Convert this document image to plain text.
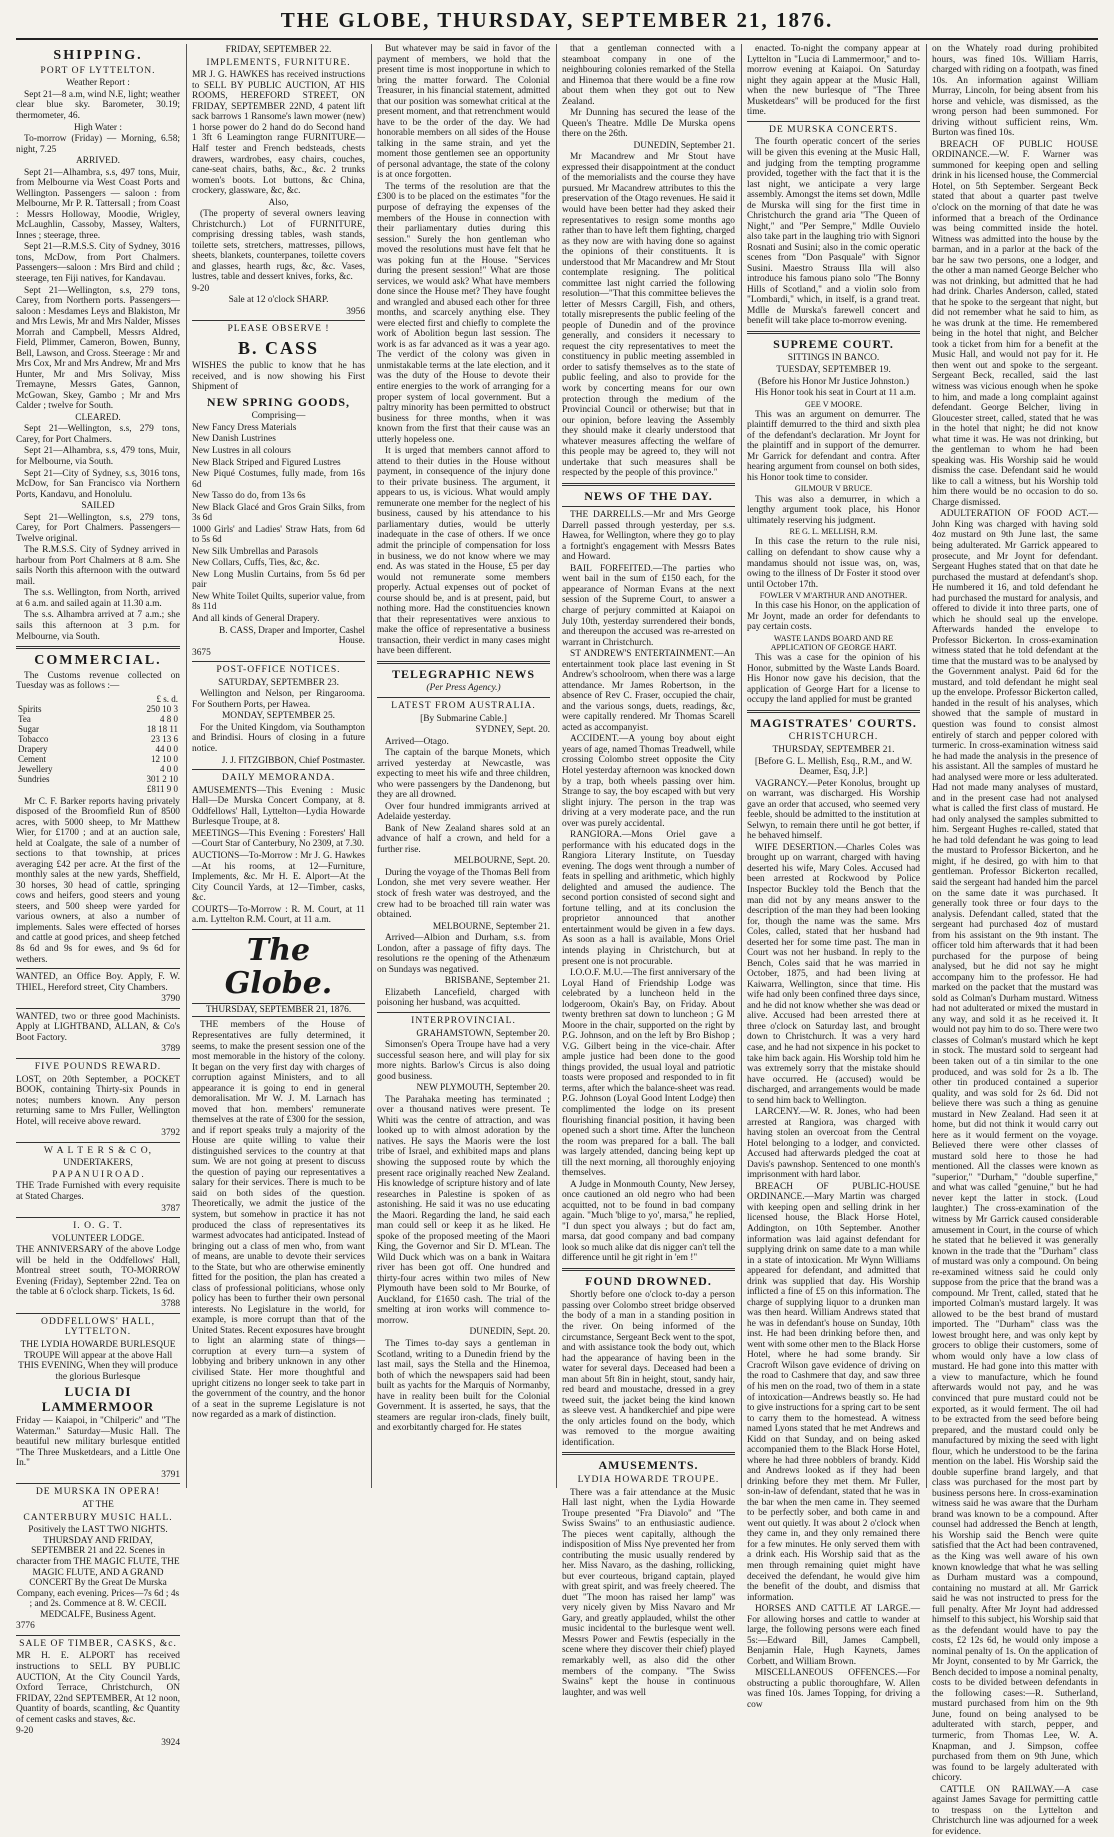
THE GLOBE, THURSDAY, SEPTEMBER 21, 1876.
SHIPPING.
PORT OF LYTTELTON.
Weather Report :
Sept 21—8 a.m, wind N.E, light; weather clear blue sky. Barometer, 30.19; thermometer, 46.
High Water :
To-morrow (Friday) — Morning, 6.58; night, 7.25
ARRIVED.
Sept 21—Alhambra, s.s, 497 tons, Muir, from Melbourne via West Coast Ports and Wellington. Passengers — saloon : from Melbourne, Mr P. R. Tattersall ; from Coast : Messrs Holloway, Moodie, Wrigley, McLaughlin, Cassoby, Massey, Walters, Innes ; steerage, three.
Sept 21—R.M.S.S. City of Sydney, 3016 tons, McDow, from Port Chalmers. Passengers—saloon : Mrs Bird and child ; steerage, ten Fiji natives, for Kandavau.
Sept 21—Wellington, s.s, 279 tons, Carey, from Northern ports. Passengers—saloon : Mesdames Leys and Blakiston, Mr and Mrs Lewis, Mr and Mrs Nalder, Misses Morrah and Campbell, Messrs Aldred, Field, Plimmer, Cameron, Bowen, Bunny, Bell, Lawson, and Cross. Steerage : Mr and Mrs Cox, Mr and Mrs Andrew, Mr and Mrs Hunter, Mr and Mrs Solivay, Miss Tremayne, Messrs Gates, Gannon, McGowan, Skey, Gambo ; Mr and Mrs Calder ; twelve for South.
CLEARED.
Sept 21—Wellington, s.s, 279 tons, Carey, for Port Chalmers.
Sept 21—Alhambra, s.s, 479 tons, Muir, for Melbourne, via South.
Sept 21—City of Sydney, s.s, 3016 tons, McDow, for San Francisco via Northern Ports, Kandavu, and Honolulu.
SAILED
Sept 21—Wellington, s.s, 279 tons, Carey, for Port Chalmers. Passengers—Twelve original.
The R.M.S.S. City of Sydney arrived in harbour from Port Chalmers at 8 a.m. She sails North this afternoon with the outward mail.
The s.s. Wellington, from North, arrived at 6 a.m. and sailed again at 11.30 a.m.
The s.s. Alhambra arrived at 7 a.m.; she sails this afternoon at 3 p.m. for Melbourne, via South.
COMMERCIAL.
The Customs revenue collected on Tuesday was as follows :—
	£ s. d.
Spirits	250 10 3
Tea	4 8 0
Sugar	18 18 11
Tobacco	23 13 6
Drapery	44 0 0
Cement	12 10 0
Jewellery	4 0 0
Sundries	301 2 10
	£811 9 0
Mr C. F. Barker reports having privately disposed of the Broomfield Run of 8500 acres, with 5000 sheep, to Mr Matthew Wier, for £1700 ; and at an auction sale, held at Coalgate, the sale of a number of sections to that township, at prices averaging £42 per acre. At the first of the monthly sales at the new yards, Sheffield, 30 horses, 30 head of cattle, springing cows and heifers, good steers and young steers, and 500 sheep were yarded for various owners, at also a number of implements. Sales were effected of horses and cattle at good prices, and sheep fetched 8s 6d and 9s for ewes, and 9s 6d for wethers.
WANTED, an Office Boy. Apply, F. W. THIEL, Hereford street, City Chambers.
3790
WANTED, two or three good Machinists. Apply at LIGHTBAND, ALLAN, & Co's Boot Factory.
3789
FIVE POUNDS REWARD.
LOST, on 20th September, a POCKET BOOK, containing Thirty-six Pounds in notes; numbers known. Any person returning same to Mrs Fuller, Wellington Hotel, will receive above reward.
3792
W A L T E R S & C O,
UNDERTAKERS,
P A P A N U I R O A D .
THE Trade Furnished with every requisite at Stated Charges.
3787
I. O. G. T.
VOLUNTEER LODGE.
THE ANNIVERSARY of the above Lodge will be held in the Oddfellows' Hall, Montreal street south, TO-MORROW Evening (Friday), September 22nd. Tea on the table at 6 o'clock sharp. Tickets, 1s 6d.
3788
ODDFELLOWS' HALL, LYTTELTON.
THE LYDIA HOWARDE BURLESQUE TROUPE Will appear at the above Hall THIS EVENING, When they will produce the glorious Burlesque
LUCIA DI LAMMERMOOR
Friday — Kaiapoi, in "Chilperic" and "The Waterman." Saturday—Music Hall. The beautiful new military burlesque entitled "The Three Musketdears, and a Little One In."
3791
DE MURSKA IN OPERA!
AT THE
CANTERBURY MUSIC HALL.
Positively the LAST TWO NIGHTS. THURSDAY AND FRIDAY, SEPTEMBER 21 and 22. Scenes in character from THE MAGIC FLUTE, THE MAGIC FLUTE, AND A GRAND CONCERT By the Great De Murska Company, each evening. Prices—7s 6d ; 4s ; and 2s. Commence at 8. W. CECIL MEDCALFE, Business Agent.
3776
SALE OF TIMBER, CASKS, &c.
MR H. E. ALPORT has received instructions to SELL BY PUBLIC AUCTION, At the City Council Yards, Oxford Terrace, Christchurch, ON FRIDAY, 22nd SEPTEMBER, At 12 noon, Quantity of boards, scantling, &c Quantity of cement casks and staves, &c.
9-20
3924
FRIDAY, SEPTEMBER 22.
IMPLEMENTS, FURNITURE.
MR J. G. HAWKES has received instructions to SELL BY PUBLIC AUCTION, AT HIS ROOMS, HEREFORD STREET, ON FRIDAY, SEPTEMBER 22ND, 4 patent lift sack barrows 1 Ransome's lawn mower (new) 1 horse power do 2 hand do do Second hand 1 3ft 6 Leamington range FURNITURE—Half tester and French bedsteads, chests drawers, wardrobes, easy chairs, couches, cane-seat chairs, baths, &c., &c. 2 trunks women's boots. Lot buttons, &c China, crockery, glassware, &c, &c.
Also,
(The property of several owners leaving Christchurch.) Lot of FURNITURE, comprising dressing tables, wash stands, toilette sets, stretchers, mattresses, pillows, sheets, blankets, counterpanes, toilette covers and glasses, hearth rugs, &c, &c. Vases, lustres, table and dessert knives, forks, &c.
9-20
Sale at 12 o'clock SHARP.
3956
PLEASE OBSERVE !
B. CASS
WISHES the public to know that he has received, and is now showing his First Shipment of
NEW SPRING GOODS,
Comprising—
New Fancy Dress Materials
New Danish Lustrines
New Lustres in all colours
New Black Striped and Figured Lustres
New Piqué Costumes, fully made, from 16s 6d
New Tasso do do, from 13s 6s
New Black Glacé and Gros Grain Silks, from 3s 6d
1000 Girls' and Ladies' Straw Hats, from 6d to 5s 6d
New Silk Umbrellas and Parasols
New Collars, Cuffs, Ties, &c, &c.
New Long Muslin Curtains, from 5s 6d per pair
New White Toilet Quilts, superior value, from 8s 11d
And all kinds of General Drapery.
B. CASS, Draper and Importer, Cashel House.
3675
POST-OFFICE NOTICES.
SATURDAY, SEPTEMBER 23.
Wellington and Nelson, per Ringarooma. For Southern Ports, per Hawea.
MONDAY, SEPTEMBER 25.
For the United Kingdom, via Southampton and Brindisi. Hours of closing in a future notice.
J. J. FITZGIBBON, Chief Postmaster.
DAILY MEMORANDA.
AMUSEMENTS—This Evening : Music Hall—De Murska Concert Company, at 8. Oddfellows' Hall, Lyttelton—Lydia Howarde Burlesque Troupe, at 8.
MEETINGS—This Evening : Foresters' Hall—Court Star of Canterbury, No 2309, at 7.30.
AUCTIONS—To-Morrow : Mr J. G. Hawkes—At his rooms, at 12—Furniture, Implements, &c. Mr H. E. Alport—At the City Council Yards, at 12—Timber, casks, &c.
COURTS—To-Morrow : R. M. Court, at 11 a.m. Lyttelton R.M. Court, at 11 a.m.
The Globe.
THURSDAY, SEPTEMBER 21, 1876.
THE members of the House of Representatives are fully determined, it seems, to make the present session one of the most memorable in the history of the colony. It began on the very first day with charges of corruption against Ministers, and to all appearance it is going to end in general demoralisation. Mr W. J. M. Larnach has moved that hon. members' remunerate themselves at the rate of £300 for the session, and if report speaks truly a majority of the House are quite willing to value their distinguished services to the country at that sum. We are not going at present to discuss the question of paying our representatives a salary for their services. There is much to be said on both sides of the question. Theoretically, we admit the justice of the system, but somehow in practice it has not produced the class of representatives its warmest advocates had anticipated. Instead of bringing out a class of men who, from want of means, are unable to devote their services to the State, but who are otherwise eminently fitted for the position, the plan has created a class of professional politicians, whose only policy has been to further their own personal interests. No Legislature in the world, for example, is more corrupt than that of the United States. Recent exposures have brought to light an alarming state of things—corruption at every turn—a system of lobbying and bribery unknown in any other civilised State. Her more thoughtful and upright citizens no longer seek to take part in the government of the country, and the honor of a seat in the supreme Legislature is not now regarded as a mark of distinction.
But whatever may be said in favor of the payment of members, we hold that the present time is most inopportune in which to bring the matter forward. The Colonial Treasurer, in his financial statement, admitted that our position was somewhat critical at the present moment, and that retrenchment would have to be the order of the day. We had honorable members on all sides of the House talking in the same strain, and yet the moment those gentlemen see an opportunity of personal advantage, the state of the colony is at once forgotten.
The terms of the resolution are that the £300 is to be placed on the estimates "for the purpose of defraying the expenses of the members of the House in connection with their parliamentary duties during this session." Surely the hon gentleman who moved the resolutions must have felt that he was poking fun at the House. "Services during the present session!" What are those services, we would ask? What have members done since the House met? They have fought and wrangled and abused each other for three months, and scarcely anything else. They were elected first and chiefly to complete the work of Abolition begun last session. The work is as far advanced as it was a year ago. The verdict of the colony was given in unmistakable terms at the late election, and it was the duty of the House to devote their entire energies to the work of arranging for a proper system of local government. But a paltry minority has been permitted to obstruct business for three months, when it was known from the first that their cause was an utterly hopeless one.
It is urged that members cannot afford to attend to their duties in the House without payment, in consequence of the injury done to their private business. The argument, it appears to us, is vicious. What would amply remunerate one member for the neglect of his business, caused by his attendance to his parliamentary duties, would be utterly inadequate in the case of others. If we once admit the principle of compensation for loss in business, we do not know where we may end. As was stated in the House, £5 per day would not remunerate some members properly. Actual expenses out of pocket of course should be, and is at present, paid, but nothing more. Had the constituencies known that their representatives were anxious to make the office of representative a business transaction, their verdict in many cases might have been different.
TELEGRAPHIC NEWS
(Per Press Agency.)
LATEST FROM AUSTRALIA.
[By Submarine Cable.]
SYDNEY, Sept. 20.
Arrived—Otago.
The captain of the barque Monets, which arrived yesterday at Newcastle, was expecting to meet his wife and three children, who were passengers by the Dandenong, but they are all drowned.
Over four hundred immigrants arrived at Adelaide yesterday.
Bank of New Zealand shares sold at an advance of half a crown, and held for a further rise.
MELBOURNE, Sept. 20.
During the voyage of the Thomas Bell from London, she met very severe weather. Her stock of fresh water was destroyed, and the crew had to be broached till rain water was obtained.
MELBOURNE, September 21.
Arrived—Albion and Durham, s.s. from London, after a passage of fifty days. The resolutions re the opening of the Athenæum on Sundays was negatived.
BRISBANE, September 21.
Elizabeth Lancefield, charged with poisoning her husband, was acquitted.
INTERPROVINCIAL.
GRAHAMSTOWN, September 20.
Simonsen's Opera Troupe have had a very successful season here, and will play for six more nights. Barlow's Circus is also doing good business.
NEW PLYMOUTH, September 20.
The Parahaka meeting has terminated ; over a thousand natives were present. Te Whiti was the centre of attraction, and was looked up to with almost adoration by the natives. He says the Maoris were the lost tribe of Israel, and exhibited maps and plans showing the supposed route by which the present race originally reached New Zealand. His knowledge of scripture history and of late researches in Palestine is spoken of as astonishing. He said it was no use educating the Maori. Regarding the land, he said each man could sell or keep it as he liked. He spoke of the proposed meeting of the Maori King, the Governor and Sir D. M'Lean. The Wild Duck which was on a bank in Waitara river has been got off. One hundred and thirty-four acres within two miles of New Plymouth have been sold to Mr Bourke, of Auckland, for £1650 cash. The trial of the smelting at iron works will commence to-morrow.
DUNEDIN, Sept. 20.
The Times to-day says a gentleman in Scotland, writing to a Dunedin friend by the last mail, says the Stella and the Hinemoa, both of which the newspapers said had been built as yachts for the Marquis of Normanby, have in reality been built for the Colonial Government. It is asserted, he says, that the steamers are regular iron-clads, finely built, and exorbitantly charged for. He states
that a gentleman connected with a steamboat company in one of the neighbouring colonies remarked of the Stella and Hinemoa that there would be a fine row about them when they got out to New Zealand.
Mr Dunning has secured the lease of the Queen's Theatre. Mdlle De Murska opens there on the 26th.
DUNEDIN, September 21.
Mr Macandrew and Mr Stout have expressed their disappointment at the conduct of the memorialists and the course they have pursued. Mr Macandrew attributes to this the preservation of the Otago revenues. He said it would have been better had they asked their representatives to resign some months ago rather than to have left them fighting, charged as they now are with having done so against the opinions of their constituents. It is understood that Mr Macandrew and Mr Stout contemplate resigning. The political committee last night carried the following resolution—"That this committee believes the letter of Messrs Cargill, Fish, and others, totally misrepresents the public feeling of the people of Dunedin and of the province generally, and considers it necessary to request the city representatives to meet the constituency in public meeting assembled in order to satisfy themselves as to the state of public feeling, and also to provide for the work by concerting means for our own protection through the medium of the Provincial Council or otherwise; but that in our opinion, before leaving the Assembly they should make it clearly understood that whatever measures affecting the welfare of this people may be agreed to, they will not undertake that such measures shall be respected by the people of this province."
NEWS OF THE DAY.
THE DARRELLS.—Mr and Mrs George Darrell passed through yesterday, per s.s. Hawea, for Wellington, where they go to play a fortnight's engagement with Messrs Bates and Howard.
BAIL FORFEITED.—The parties who went bail in the sum of £150 each, for the appearance of Norman Evans at the next session of the Supreme Court, to answer a charge of perjury committed at Kaiapoi on July 10th, yesterday surrendered their bonds, and thereupon the accused was re-arrested on warrant in Christchurch.
ST ANDREW'S ENTERTAINMENT.—An entertainment took place last evening in St Andrew's schoolroom, when there was a large attendance. Mr James Robertson, in the absence of Rev C. Fraser, occupied the chair, and the various songs, duets, readings, &c, were capitally rendered. Mr Thomas Scarell acted as accompanyist.
ACCIDENT.—A young boy about eight years of age, named Thomas Treadwell, while crossing Colombo street opposite the City Hotel yesterday afternoon was knocked down by a trap, both wheels passing over him. Strange to say, the boy escaped with but very slight injury. The person in the trap was driving at a very moderate pace, and the run over was purely accidental.
RANGIORA.—Mons Oriel gave a performance with his educated dogs in the Rangiora Literary Institute, on Tuesday evening. The dogs went through a number of feats in spelling and arithmetic, which highly delighted and amused the audience. The second portion consisted of second sight and fortune telling, and at its conclusion the proprietor announced that another entertainment would be given in a few days. As soon as a hall is available, Mons Oriel intends playing in Christchurch, but at present one is not procurable.
I.O.O.F. M.U.—The first anniversary of the Loyal Hand of Friendship Lodge was celebrated by a luncheon held in the lodgeroom, Okain's Bay, on Friday. About twenty brethren sat down to luncheon ; G M Moore in the chair, supported on the right by P.G. Johnson, and on the left by Bro Bishop ; V.G. Gilbert being in the vice-chair. After ample justice had been done to the good things provided, the usual loyal and patriotic toasts were proposed and responded to in fit terms, after which the balance-sheet was read. P.G. Johnson (Loyal Good Intent Lodge) then complimented the lodge on its present flourishing financial position, it having been opened such a short time. After the luncheon the room was prepared for a ball. The ball was largely attended, dancing being kept up till the next morning, all thoroughly enjoying themselves.
A Judge in Monmouth County, New Jersey, once cautioned an old negro who had been acquitted, not to be found in bad company again. "Much 'blige to yo', marsa," he replied, "I dun spect you always ; but do fact am, marsa, dat good company and bad company look so much alike dat dis nigger can't tell the difference until he git right in 'em !"
FOUND DROWNED.
Shortly before one o'clock to-day a person passing over Colombo street bridge observed the body of a man in a standing position in the river. On being informed of the circumstance, Sergeant Beck went to the spot, and with assistance took the body out, which had the appearance of having been in the water for several days. Deceased had been a man about 5ft 8in in height, stout, sandy hair, red beard and moustache, dressed in a grey tweed suit, the jacket being the kind known as sleeve vest. A handkerchief and pipe were the only articles found on the body, which was removed to the morgue awaiting identification.
AMUSEMENTS.
LYDIA HOWARDE TROUPE.
There was a fair attendance at the Music Hall last night, when the Lydia Howarde Troupe presented "Fra Diavolo" and "The Swiss Swains" to an enthusiastic audience. The pieces went capitally, although the indisposition of Miss Nye prevented her from contributing the music usually rendered by her. Miss Navaro, as the dashing, rollicking, but ever courteous, brigand captain, played with great spirit, and was freely cheered. The duet "The moon has raised her lamp" was very nicely given by Miss Navaro and Mr Gary, and greatly applauded, whilst the other music incidental to the burlesque went well. Messrs Power and Fewtis (especially in the scene where they discover their chief) played remarkably well, as also did the other members of the company. "The Swiss Swains" kept the house in continuous laughter, and was well
enacted. To-night the company appear at Lyttelton in "Lucia di Lammermoor," and to-morrow evening at Kaiapoi. On Saturday night they again appear at the Music Hall, when the new burlesque of "The Three Musketdears" will be produced for the first time.
DE MURSKA CONCERTS.
The fourth operatic concert of the series will be given this evening at the Music Hall, and judging from the tempting programme provided, together with the fact that it is the last night, we anticipate a very large assembly. Amongst the items set down, Mdlle de Murska will sing for the first time in Christchurch the grand aria "The Queen of Night," and "Per Sempre," Mdlle Ouvielo also take part in the laughing trio with Signori Rosnati and Susini; also in the comic operatic scenes from "Don Pasquale" with Signor Susini. Maestro Strauss Illa will also introduce his famous piano solo "The Bonny Hills of Scotland," and a violin solo from "Lombardi," which, in itself, is a grand treat. Mdlle de Murska's farewell concert and benefit will take place to-morrow evening.
SUPREME COURT.
SITTINGS IN BANCO.
TUESDAY, SEPTEMBER 19.
(Before his Honor Mr Justice Johnston.)
His Honor took his seat in Court at 11 a.m.
GEE V MOORE.
This was an argument on demurrer. The plaintiff demurred to the third and sixth plea of the defendant's declaration. Mr Joynt for the plaintiff and in support of the demurrer. Mr Garrick for defendant and contra. After hearing argument from counsel on both sides, his Honor took time to consider.
GILMOUR V BRUCE.
This was also a demurrer, in which a lengthy argument took place, his Honor ultimately reserving his judgment.
RE G. L. MELLISH, R.M.
In this case the return to the rule nisi, calling on defendant to show cause why a mandamus should not issue was, on, was, owing to the illness of Dr Foster it stood over until October 17th.
FOWLER V M'ARTHUR AND ANOTHER.
In this case his Honor, on the application of Mr Joynt, made an order for defendants to pay certain costs.
WASTE LANDS BOARD AND RE APPLICATION OF GEORGE HART.
This was a case for the opinion of his Honor, submitted by the Waste Lands Board. His Honor now gave his decision, that the application of George Hart for a license to occupy the land applied for must be granted
MAGISTRATES' COURTS.
CHRISTCHURCH.
THURSDAY, SEPTEMBER 21.
[Before G. L. Mellish, Esq., R.M., and W. Deamer, Esq, J.P.]
VAGRANCY.—Peter Konolus, brought up on warrant, was discharged. His Worship gave an order that accused, who seemed very feeble, should be admitted to the institution at Selwyn, to remain there until he got better, if he behaved himself.
WIFE DESERTION.—Charles Coles was brought up on warrant, charged with having deserted his wife, Mary Coles. Accused had been arrested at Rockwood by Police Inspector Buckley told the Bench that the man did not by any means answer to the description of the man they had been looking for, though the name was the same. Mrs Coles, called, stated that her husband had deserted her for some time past. The man in Court was not her husband. In reply to the Bench, Coles said that he was married in October, 1875, and had been living at Kaiwarra, Wellington, since that time. His wife had only been confined three days since, and he did not know whether she was dead or alive. Accused had been arrested there at three o'clock on Saturday last, and brought down to Christchurch. It was a very hard case, and he had not sixpence in his pocket to take him back again. His Worship told him he was extremely sorry that the mistake should have occurred. He (accused) would be discharged, and arrangements would be made to send him back to Wellington.
LARCENY.—W. R. Jones, who had been arrested at Rangiora, was charged with having stolen an overcoat from the Central Hotel belonging to a lodger, and convicted. Accused had afterwards pledged the coat at Davis's pawnshop. Sentenced to one month's imprisonment with hard labor.
BREACH OF PUBLIC-HOUSE ORDINANCE.—Mary Martin was charged with keeping open and selling drink in her licensed house, the Black Horse Hotel, Addington, on 10th September. Another information was laid against defendant for supplying drink on same date to a man while in a state of intoxication. Mr Wynn Williams appeared for defendant, and admitted that drink was supplied that day. His Worship inflicted a fine of £5 on this information. The charge of supplying liquor to a drunken man was then heard. William Andrews stated that he was in defendant's house on Sunday, 10th inst. He had been drinking before then, and went with some other men to the Black Horse Hotel, where he had some brandy. Sir Cracroft Wilson gave evidence of driving on the road to Cashmere that day, and saw three of his men on the road, two of them in a state of intoxication—Andrews beastly so. He had to give instructions for a spring cart to be sent to carry them to the homestead. A witness named Lyons stated that he met Andrews and Kidd on that Sunday, and on being asked accompanied them to the Black Horse Hotel, where he had three nobblers of brandy. Kidd and Andrews looked as if they had been drinking before they met them. Mr Fuller, son-in-law of defendant, stated that he was in the bar when the men came in. They seemed to be perfectly sober, and both came in and went out quietly. It was about 2 o'clock when they came in, and they only remained there for a few minutes. He only served them with a drink each. His Worship said that as the men through remaining quiet might have deceived the defendant, he would give him the benefit of the doubt, and dismiss that information.
HORSES AND CATTLE AT LARGE.—For allowing horses and cattle to wander at large, the following persons were each fined 5s:—Edward Bill, James Campbell, Benjamin Hale, Hugh Kaynets, James Corbett, and William Brown.
MISCELLANEOUS OFFENCES.—For obstructing a public thoroughfare, W. Allen was fined 10s. James Topping, for driving a cow
on the Whately road during prohibited hours, was fined 10s. William Harris, charged with riding on a footpath, was fined 10s. An information against William Murray, Lincoln, for being absent from his horse and vehicle, was dismissed, as the wrong person had been summoned. For driving without sufficient reins, Wm. Burton was fined 10s.
BREACH OF PUBLIC HOUSE ORDINANCE.—W. F. Warner was summoned for keeping open and selling drink in his licensed house, the Commercial Hotel, on 5th September. Sergeant Beck stated that about a quarter past twelve o'clock on the morning of that date he was informed that a breach of the Ordinance was being committed inside the hotel. Witness was admitted into the house by the barman, and in a parlor at the back of the bar he saw two persons, one a lodger, and the other a man named George Belcher who was not drinking, but admitted that he had had drink. Charles Anderson, called, stated that he spoke to the sergeant that night, but did not remember what he said to him, as he was drunk at the time. He remembered being in the hotel that night, and Belcher took a ticket from him for a benefit at the Music Hall, and would not pay for it. He then went out and spoke to the sergeant. Sergeant Beck, recalled, said the last witness was vicious enough when he spoke to him, and made a long complaint against defendant. George Belcher, living in Gloucester street, called, stated that he was in the hotel that night; he did not know what time it was. He was not drinking, but the gentleman to whom he had been speaking was. His Worship said he would dismiss the case. Defendant said he would like to call a witness, but his Worship told him there would be no occasion to do so. Charge dismissed.
ADULTERATION OF FOOD ACT.—John King was charged with having sold 4oz mustard on 9th June last, the same being adulterated. Mr Garrick appeared to prosecute, and Mr Joynt for defendant. Sergeant Hughes stated that on that date he purchased the mustard at defendant's shop. He numbered it 16, and told defendant he had purchased the mustard for analysis, and offered to divide it into three parts, one of which he should seal up the envelope. Afterwards handed the envelope to Professor Bickerton. In cross-examination witness stated that he told defendant at the time that the mustard was to be analysed by the Government analyst. Paid 6d for the mustard, and told defendant he might seal up the envelope. Professor Bickerton called, handed in the result of his analyses, which showed that the sample of mustard in question was found to consist almost entirely of starch and pepper colored with turmeric. In cross-examination witness said he had made the analysis in the presence of his assistant. All the samples of mustard he had analysed were more or less adulterated. Had not made many analyses of mustard, and in the present case had not analysed what is called the first class of mustard. He had only analysed the samples submitted to him. Sergeant Hughes re-called, stated that he had told defendant he was going to lead the mustard to Professor Bickerton, and he might, if he desired, go with him to that gentleman. Professor Bickerton recalled, said the sergeant had handed him the parcel on the same date it was purchased. It generally took three or four days to the analysis. Defendant called, stated that the sergeant had purchased 4oz of mustard from his assistant on the 9th instant. The officer told him afterwards that it had been purchased for the purpose of being analysed, but he did not say he might accompany him to the professor. He had marked on the packet that the mustard was sold as Colman's Durham mustard. Witness had not adulterated or mixed the mustard in any way, and sold it as he received it. It would not pay him to do so. There were two classes of Colman's mustard which he kept in stock. The mustard sold to sergeant had been taken out of a tin similar to the one produced, and was sold for 2s a lb. The other tin produced contained a superior quality, and was sold for 2s 6d. Did not believe there was such a thing as genuine mustard in New Zealand. Had seen it at home, but did not think it would carry out here as it would ferment on the voyage. Believed there were other classes of mustard sold here to those he had mentioned. All the classes were known as "superior," "Durham," "double superfine," and what was called "genuine," but he had never kept the latter in stock. (Loud laughter.) The cross-examination of the witness by Mr Garrick caused considerable amusement in Court, in the course of which he stated that he believed it was generally known in the trade that the "Durham" class of mustard was only a compound. On being re-examined witness said he could only suppose from the price that the brand was a compound. Mr Trent, called, stated that he imported Colman's mustard largely. It was allowed to be the best brand of mustard imported. The "Durham" class was the lowest brought here, and was only kept by grocers to oblige their customers, some of whom would only have a low class of mustard. He had gone into this matter with a view to manufacture, which he found afterwards would not pay, and he was convinced that pure mustard could not be exported, as it would ferment. The oil had to be extracted from the seed before being prepared, and the mustard could only be manufactured by mixing the seed with light flour, which he understood to be the farina mention on the label. His Worship said the double superfine brand largely, and that class was purchased for the most part by business persons here. In cross-examination witness said he was aware that the Durham brand was known to be a compound. After counsel had addressed the Bench at length, his Worship said the Bench were quite satisfied that the Act had been contravened, as the King was well aware of his own known knowledge that what he was selling as Durham mustard was a compound, containing no mustard at all. Mr Garrick said he was not instructed to press for the full penalty. After Mr Joynt had addressed himself to this subject, his Worship said that as the defendant would have to pay the costs, £2 12s 6d, he would only impose a nominal penalty of 1s. On the application of Mr Joynt, consented to by Mr Garrick, the Bench decided to impose a nominal penalty, costs to be divided between defendants in the following cases:—R. Sutherland, mustard purchased from him on the 9th June, found on being analysed to be adulterated with starch, pepper, and turmeric, from Thomas Lee, W. A. Knapman, and J. Simpson, coffee purchased from them on 9th June, which was found to be largely adulterated with chicory.
CATTLE ON RAILWAY.—A case against James Savage for permitting cattle to trespass on the Lyttelton and Christchurch line was adjourned for a week for evidence.
